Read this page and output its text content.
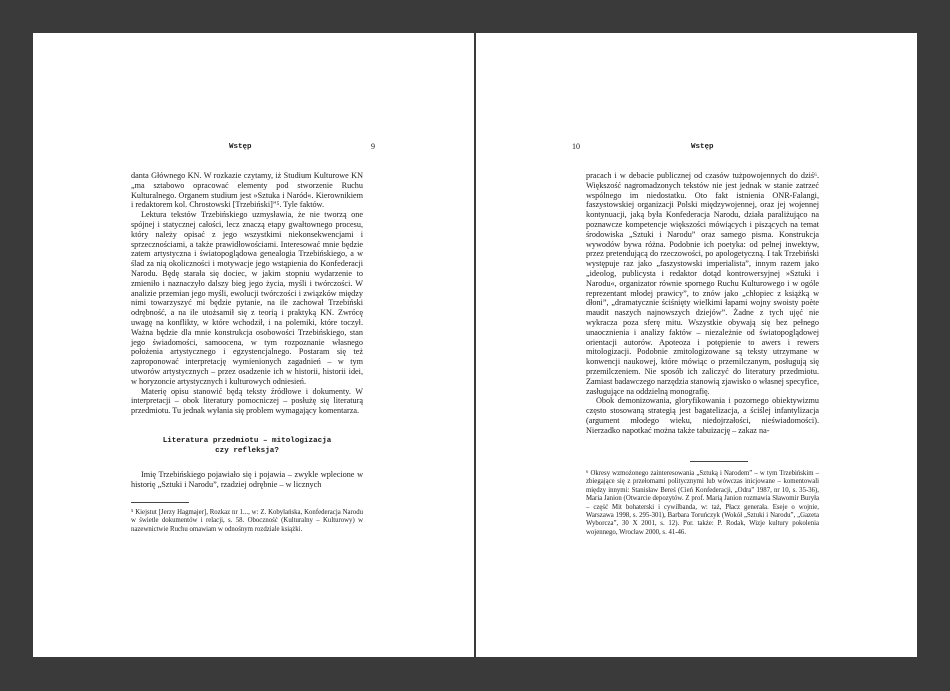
Wstęp	9

danta Głównego KN. W rozkazie czytamy, iż Studium Kulturowe KN „ma sztabowo opracować elementy pod stworzenie Ruchu Kulturalnego. Organem studium jest »Sztuka i Naród«. Kierownikiem i redaktorem kol. Chrostowski [Trzebiński]”⁵. Tyle faktów.

Lektura tekstów Trzebińskiego uzmysławia, że nie tworzą one spójnej i statycznej całości, lecz znaczą etapy gwałtownego procesu, który należy opisać z jego wszystkimi niekonsekwencjami i sprzecznościami, a także prawidłowościami. Interesować mnie będzie zatem artystyczna i światopoglądowa genealogia Trzebińskiego, a w ślad za nią okoliczności i motywacje jego wstąpienia do Konfederacji Narodu. Będę starała się dociec, w jakim stopniu wydarzenie to zmieniło i naznaczyło dalszy bieg jego życia, myśli i twórczości. W analizie przemian jego myśli, ewolucji twórczości i związków między nimi towarzyszyć mi będzie pytanie, na ile zachował Trzebiński odrębność, a na ile utożsamił się z teorią i praktyką KN. Zwrócę uwagę na konflikty, w które wchodził, i na polemiki, które toczył. Ważna będzie dla mnie konstrukcja osobowości Trzebińskiego, stan jego świadomości, samoocena, w tym rozpoznanie własnego położenia artystycznego i egzystencjalnego. Postaram się też zaproponować interpretację wymienionych zagadnień – w tym utworów artystycznych – przez osadzenie ich w historii, historii idei, w horyzoncie artystycznych i kulturowych odniesień.

Materię opisu stanowić będą teksty źródłowe i dokumenty. W interpretacji – obok literatury pomocniczej – posłużę się literaturą przedmiotu. Tu jednak wyłania się problem wymagający komentarza.

Literatura przedmiotu – mitologizacja
czy refleksja?

Imię Trzebińskiego pojawiało się i pojawia – zwykle wplecione w historię „Sztuki i Narodu”, rzadziej odrębnie – w licznych

⁵ Kiejstut [Jerzy Hagmajer], Rozkaz nr 1..., w: Z. Kobylańska, Konfederacja Narodu w świetle dokumentów i relacji, s. 58. Oboczność (Kulturalny – Kulturowy) w nazewnictwie Ruchu omawiam w odnośnym rozdziale książki.
10	Wstęp

pracach i w debacie publicznej od czasów tużpowojennych do dziś⁶. Większość nagromadzonych tekstów nie jest jednak w stanie zatrzeć wspólnego im niedostatku. Oto fakt istnienia ONR-Falangi, faszystowskiej organizacji Polski międzywojennej, oraz jej wojennej kontynuacji, jaką była Konfederacja Narodu, działa paraliżująco na poznawcze kompetencje większości mówiących i piszących na temat środowiska „Sztuki i Narodu” oraz samego pisma. Konstrukcja wywodów bywa różna. Podobnie ich poetyka: od pełnej inwektyw, przez pretendującą do rzeczowości, po apologetyczną. I tak Trzebiński występuje raz jako „faszystowski imperialista”, innym razem jako „ideolog, publicysta i redaktor dotąd kontrowersyjnej »Sztuki i Narodu«, organizator równie spornego Ruchu Kulturowego i w ogóle reprezentant młodej prawicy”, to znów jako „chłopiec z książką w dłoni”, „dramatycznie ściśnięty wielkimi łapami wojny swoisty poète maudit naszych najnowszych dziejów”. Żadne z tych ujęć nie wykracza poza sferę mitu. Wszystkie obywają się bez pełnego unaocznienia i analizy faktów – niezależnie od światopoglądowej orientacji autorów. Apoteoza i potępienie to awers i rewers mitologizacji. Podobnie zmitologizowane są teksty utrzymane w konwencji naukowej, które mówiąc o przemilczanym, posługują się przemilczeniem. Nie sposób ich zaliczyć do literatury przedmiotu. Zamiast badawczego narzędzia stanowią zjawisko o własnej specyfice, zasługujące na oddzielną monografię.

Obok demonizowania, gloryfikowania i pozornego obiektywizmu często stosowaną strategią jest bagatelizacja, a ściślej infantylizacja (argument młodego wieku, niedojrzałości, nieświadomości). Nierzadko napotkać można także tabuizację – zakaz na-

⁶ Okresy wzmożonego zainteresowania „Sztuką i Narodem” – w tym Trzebińskim – zbiegające się z przełomami politycznymi lub wówczas inicjowane – komentowali między innymi: Stanisław Bereś (Cień Konfederacji, „Odra” 1987, nr 10, s. 35-36), Maria Janion (Otwarcie depozytów. Z prof. Marią Janion rozmawia Sławomir Buryła – część Mit bohaterski i cywilbanda, w: taż, Płacz generała. Eseje o wojnie, Warszawa 1998, s. 295-301), Barbara Toruńczyk (Wokół „Sztuki i Narodu”, „Gazeta Wyborcza”, 30 X 2001, s. 12). Por. także: P. Rodak, Wizje kultury pokolenia wojennego, Wrocław 2000, s. 41-46.
